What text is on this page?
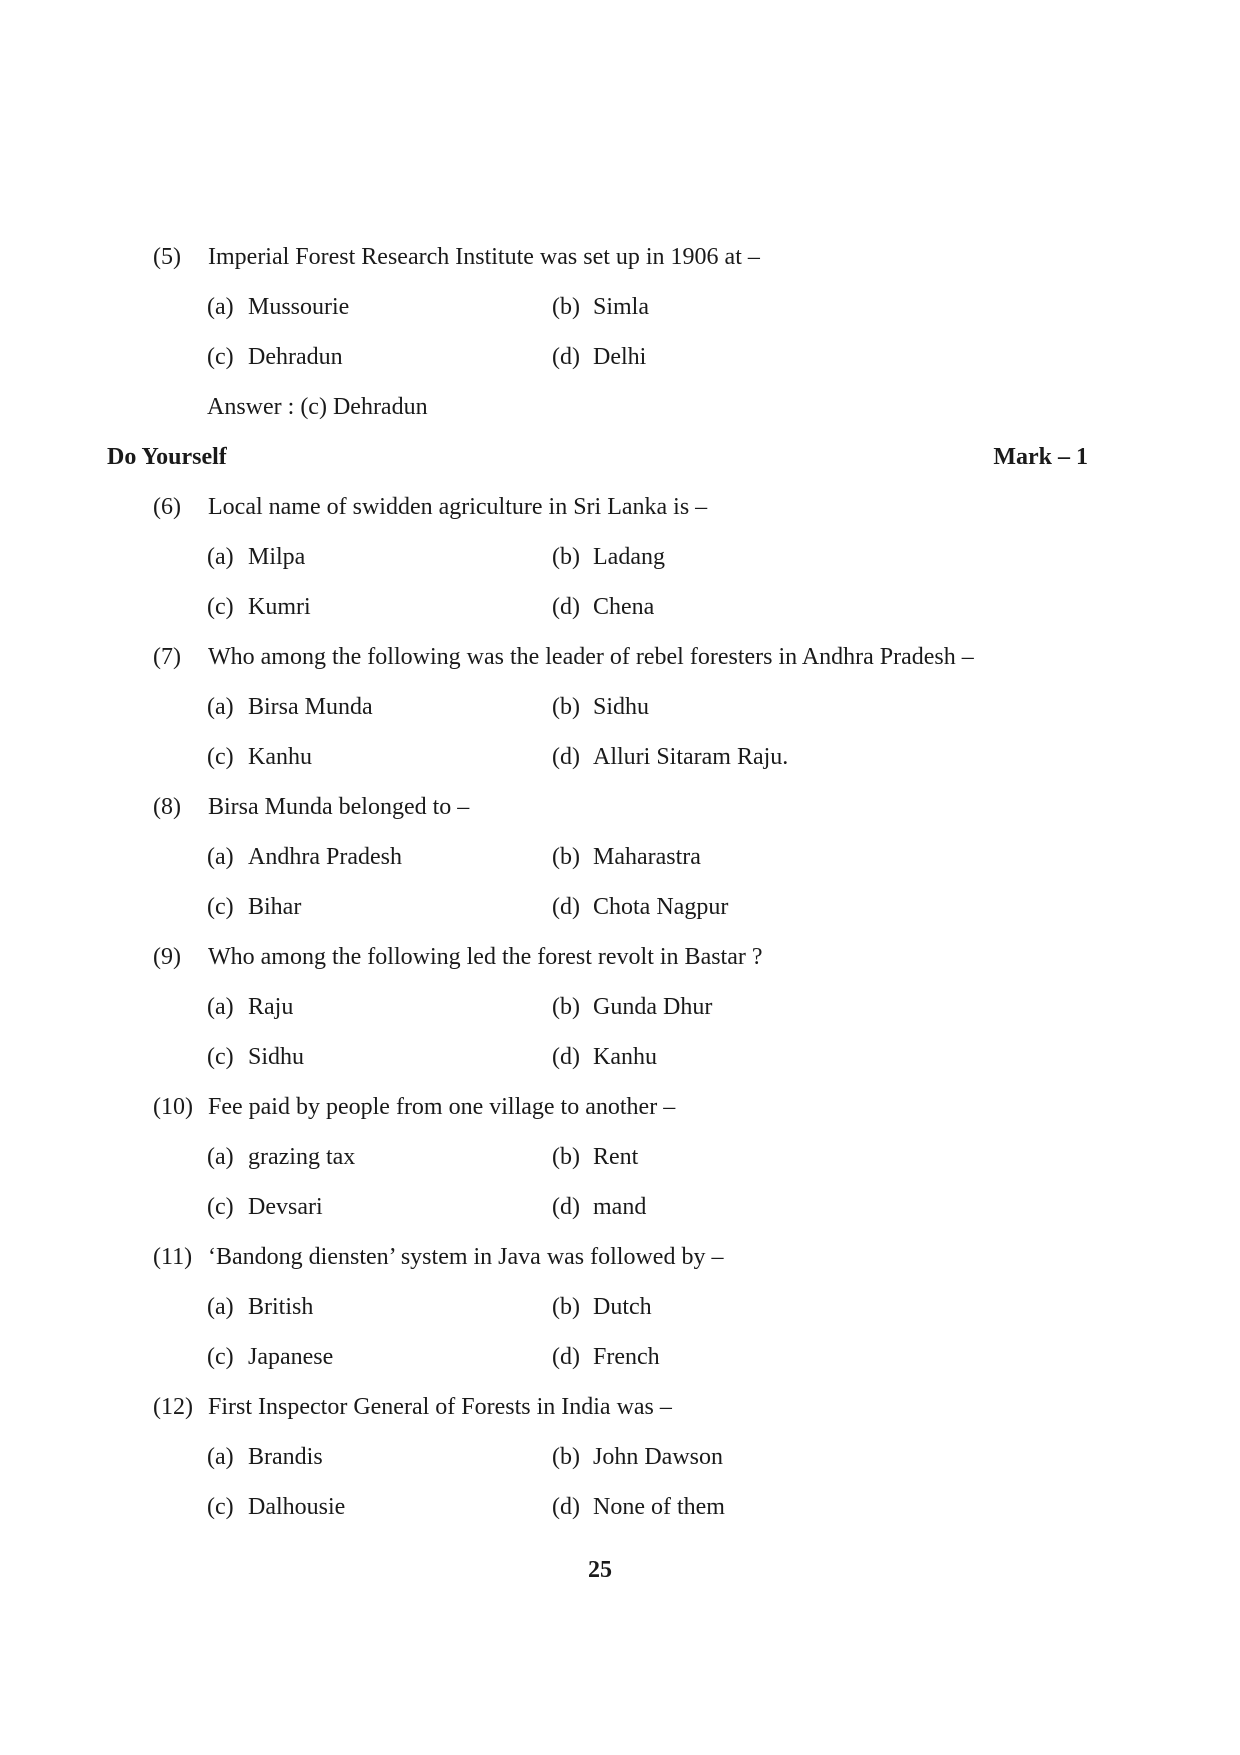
(5) Imperial Forest Research Institute was set up in 1906 at –
(a) Mussourie	(b) Simla
(c) Dehradun	(d) Delhi
Answer : (c) Dehradun
Do Yourself	Mark – 1
(6) Local name of swidden agriculture in Sri Lanka is –
(a) Milpa	(b) Ladang
(c) Kumri	(d) Chena
(7) Who among the following was the leader of rebel foresters in Andhra Pradesh –
(a) Birsa Munda	(b) Sidhu
(c) Kanhu	(d) Alluri Sitaram Raju.
(8) Birsa Munda belonged to –
(a) Andhra Pradesh	(b) Maharastra
(c) Bihar	(d) Chota Nagpur
(9) Who among the following led the forest revolt in Bastar ?
(a) Raju	(b) Gunda Dhur
(c) Sidhu	(d) Kanhu
(10) Fee paid by people from one village to another –
(a) grazing tax	(b) Rent
(c) Devsari	(d) mand
(11) ‘Bandong diensten’ system in Java was followed by –
(a) British	(b) Dutch
(c) Japanese	(d) French
(12) First Inspector General of Forests in India was –
(a) Brandis	(b) John Dawson
(c) Dalhousie	(d) None of them
25
